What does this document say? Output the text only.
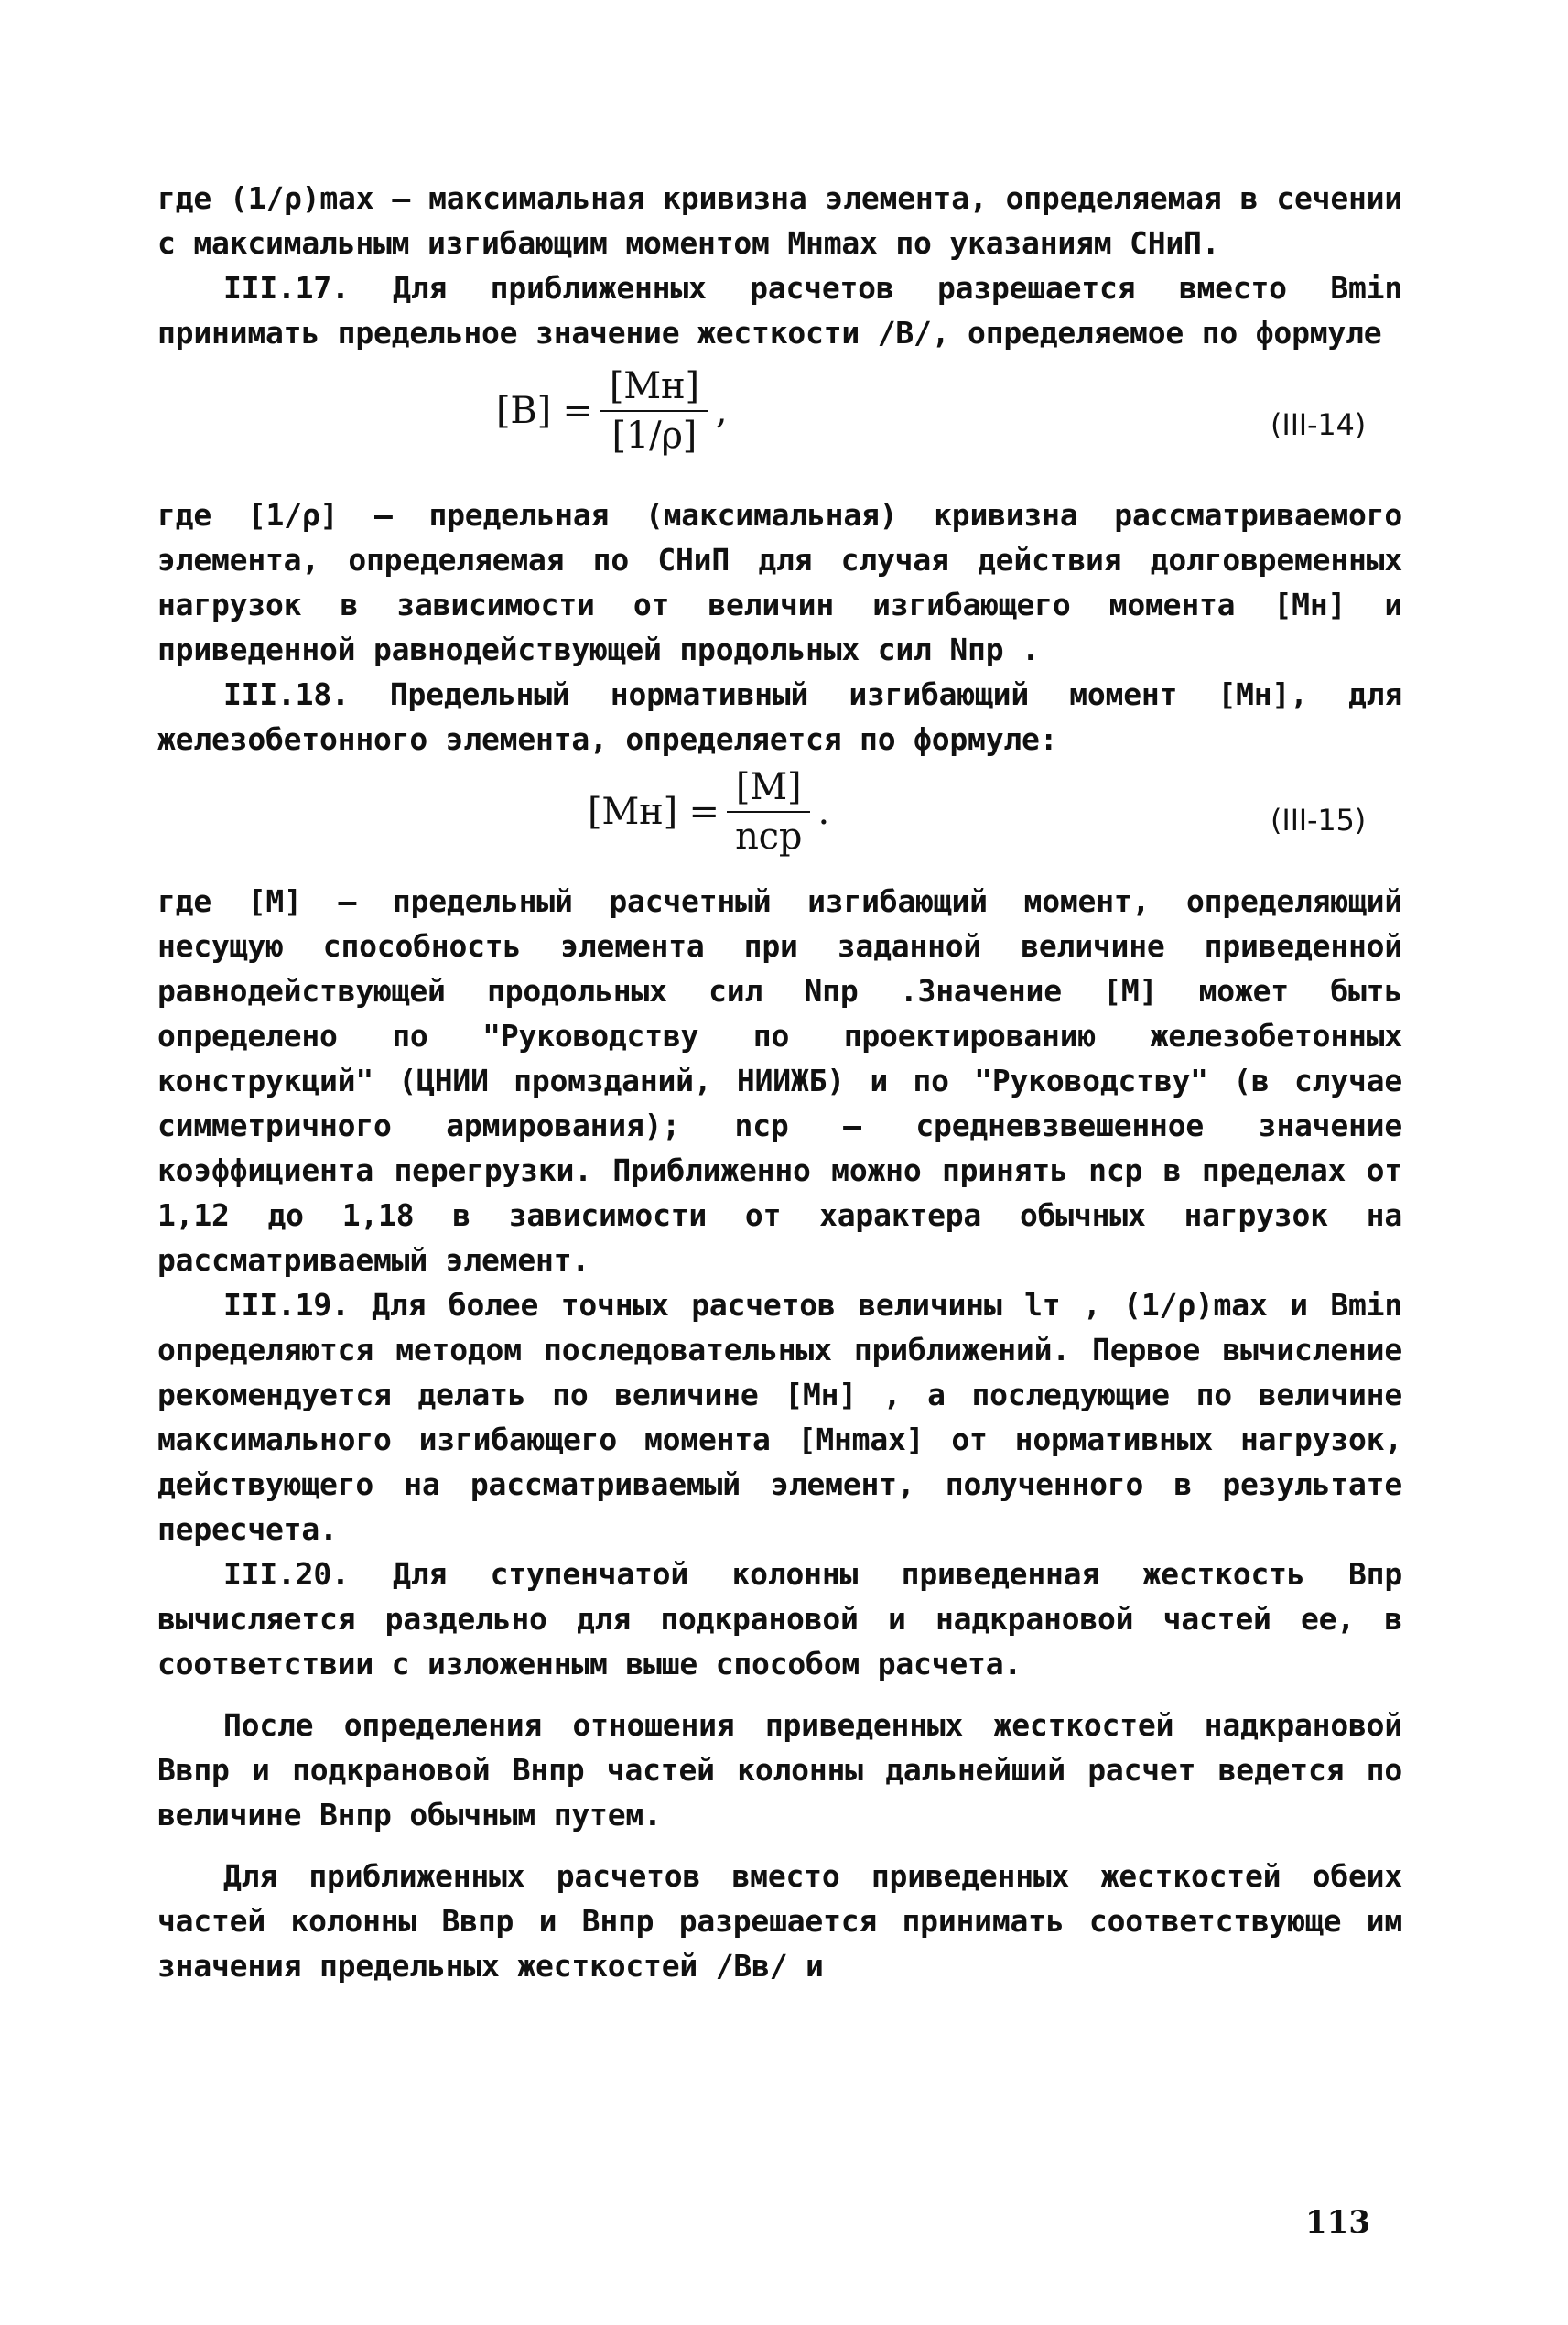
где (1/ρ)max – максимальная кривизна элемента, определяемая в сечении с максимальным изгибающим моментом Mнmax по указаниям СНиП.

III.17. Для приближенных расчетов разрешается вместо Bmin принимать предельное значение жесткости /B/, определяемое по формуле

$[B] = \frac{[Mн]}{[1/\rho]}$ ,	(III-14)

где [1/ρ] – предельная (максимальная) кривизна рассматриваемого элемента, определяемая по СНиП для случая действия долговременных нагрузок в зависимости от величин изгибающего момента [Mн] и приведенной равнодействующей продольных сил Nпр .

III.18. Предельный нормативный изгибающий момент [Mн], для железобетонного элемента, определяется по формуле:

$[Mн] = \frac{[M]}{\text{nср}}$ .	(III-15)

где [M] – предельный расчетный изгибающий момент, определяющий несущую способность элемента при заданной величине приведенной равнодействующей продольных сил Nпр .Значение [M] может быть определено по "Руководству по проектированию железобетонных конструкций" (ЦНИИ промзданий, НИИЖБ) и по "Руководству" (в случае симметричного армирования); nср – средневзвешенное значение коэффициента перегрузки. Приближенно можно принять nср в пределах от 1,12 до 1,18 в зависимости от характера обычных нагрузок на рассматриваемый элемент.

III.19. Для более точных расчетов величины lт , (1/ρ)max и Bmin определяются методом последовательных приближений. Первое вычисление рекомендуется делать по величине [Mн] , а последующие по величине максимального изгибающего момента [Mнmax] от нормативных нагрузок, действующего на рассматриваемый элемент, полученного в результате пересчета.

III.20. Для ступенчатой колонны приведенная жесткость Bпр вычисляется раздельно для подкрановой и надкрановой частей ее, в соответствии с изложенным выше способом расчета.

После определения отношения приведенных жесткостей надкрановой Bвпр и подкрановой Bнпр частей колонны дальнейший расчет ведется по величине Bнпр обычным путем.

Для приближенных расчетов вместо приведенных жесткостей обеих частей колонны Bвпр и Bнпр разрешается принимать соответствующе им значения предельных жесткостей /Bв/ и

113
